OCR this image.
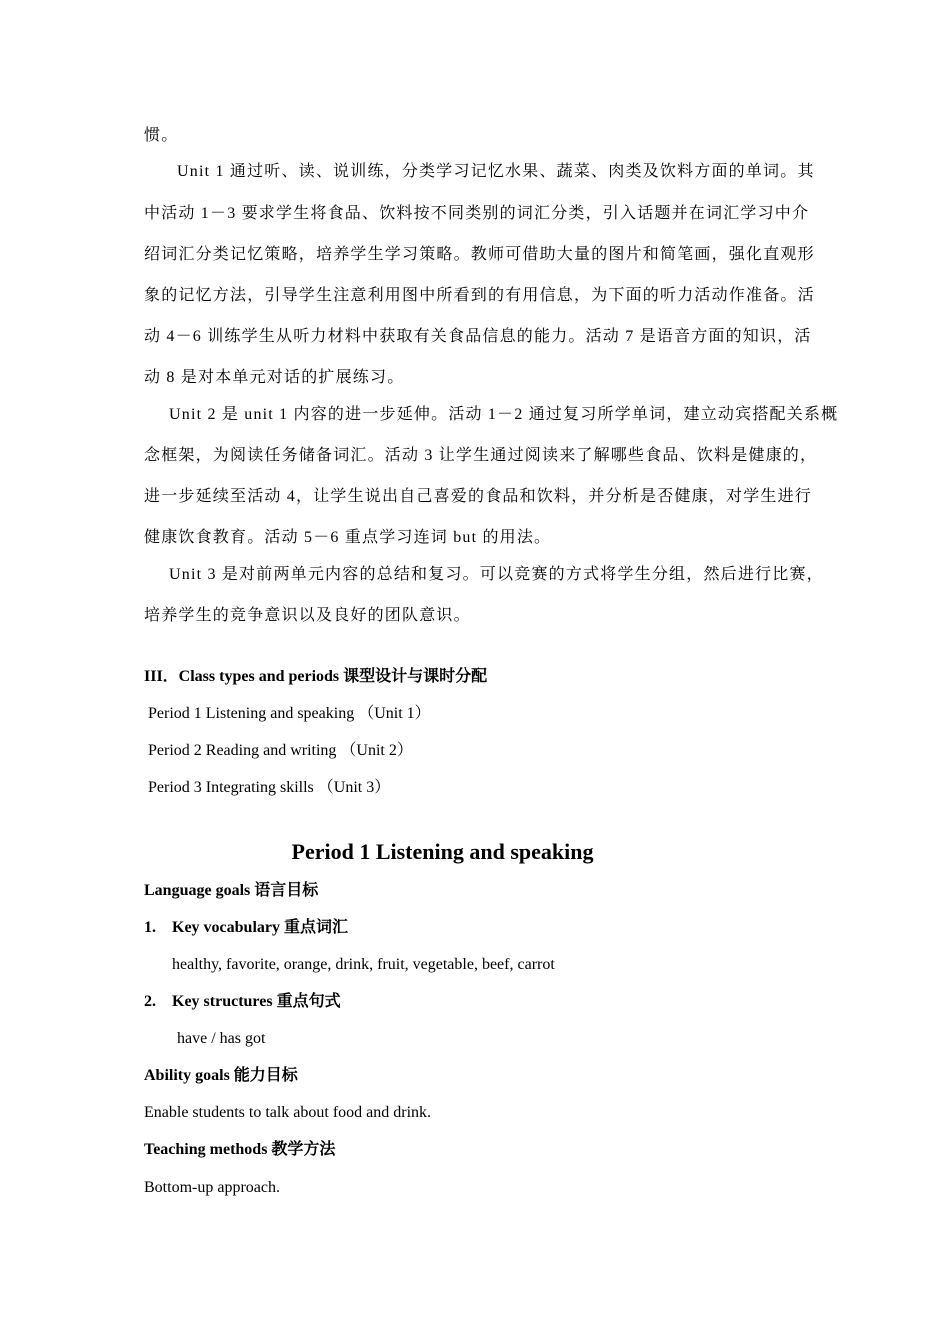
惯。
Unit 1 通过听、读、说训练，分类学习记忆水果、蔬菜、肉类及饮料方面的单词。其
中活动 1－3 要求学生将食品、饮料按不同类别的词汇分类，引入话题并在词汇学习中介
绍词汇分类记忆策略，培养学生学习策略。教师可借助大量的图片和简笔画，强化直观形
象的记忆方法，引导学生注意利用图中所看到的有用信息，为下面的听力活动作准备。活
动 4－6 训练学生从听力材料中获取有关食品信息的能力。活动 7 是语音方面的知识，活
动 8 是对本单元对话的扩展练习。
Unit 2 是 unit 1 内容的进一步延伸。活动 1－2 通过复习所学单词，建立动宾搭配关系概
念框架，为阅读任务储备词汇。活动 3 让学生通过阅读来了解哪些食品、饮料是健康的，
进一步延续至活动 4，让学生说出自己喜爱的食品和饮料，并分析是否健康，对学生进行
健康饮食教育。活动 5－6 重点学习连词 but 的用法。
Unit 3 是对前两单元内容的总结和复习。可以竞赛的方式将学生分组，然后进行比赛，
培养学生的竞争意识以及良好的团队意识。
III．Class types and periods 课型设计与课时分配
Period 1 Listening and speaking （Unit 1）
Period 2 Reading and writing （Unit 2）
Period 3 Integrating skills （Unit 3）
Period 1 Listening and speaking
Language goals 语言目标
1. Key vocabulary 重点词汇
healthy, favorite, orange, drink, fruit, vegetable, beef, carrot
2. Key structures 重点句式
have / has got
Ability goals 能力目标
Enable students to talk about food and drink.
Teaching methods 教学方法
Bottom-up approach.
